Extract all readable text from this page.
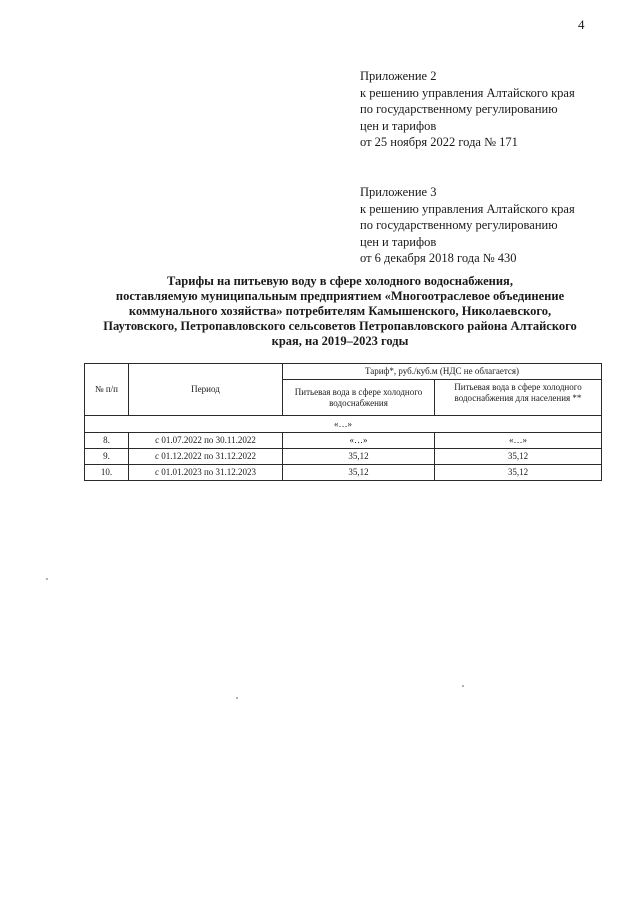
4
Приложение 2
к решению управления Алтайского края
по государственному регулированию
цен и тарифов
от 25 ноября 2022 года № 171
Приложение 3
к решению управления Алтайского края
по государственному регулированию
цен и тарифов
от 6 декабря 2018 года № 430
Тарифы на питьевую воду в сфере холодного водоснабжения,
поставляемую муниципальным предприятием «Многоотраслевое объединение
коммунального хозяйства» потребителям Камышенского, Николаевского,
Паутовского, Петропавловского сельсоветов Петропавловского района Алтайского
края, на 2019–2023 годы
№ п/п	Период	Тариф*, руб./куб.м (НДС не облагается)	
		Питьевая вода в сфере холодного водоснабжения	Питьевая вода в сфере холодного водоснабжения для населения **
«…»			
8.	с 01.07.2022 по 30.11.2022	«…»	«…»
9.	с 01.12.2022 по 31.12.2022	35,12	35,12
10.	с 01.01.2023 по 31.12.2023	35,12	35,12
